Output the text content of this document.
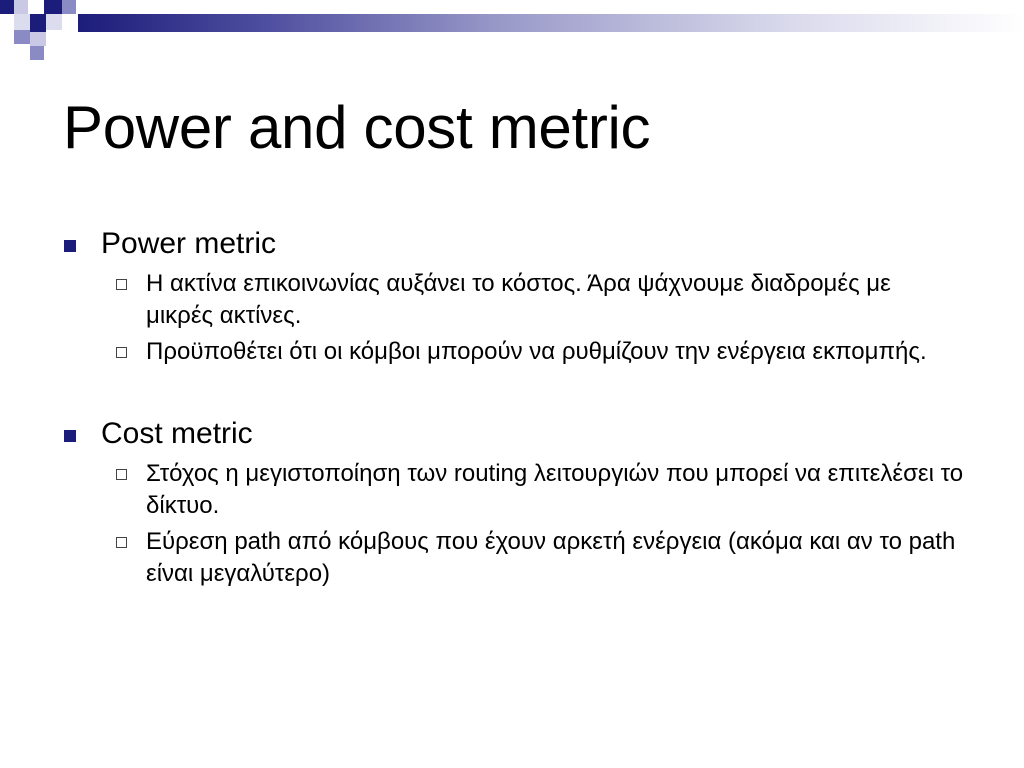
Power and cost metric
Power metric
Η ακτίνα επικοινωνίας αυξάνει το κόστος. Άρα ψάχνουμε διαδρομές με μικρές ακτίνες.
Προϋποθέτει ότι οι κόμβοι μπορούν να ρυθμίζουν την ενέργεια εκπομπής.
Cost metric
Στόχος η μεγιστοποίηση των routing λειτουργιών που μπορεί να επιτελέσει το δίκτυο.
Εύρεση path από κόμβους που έχουν αρκετή ενέργεια (ακόμα και αν το path είναι μεγαλύτερο)
